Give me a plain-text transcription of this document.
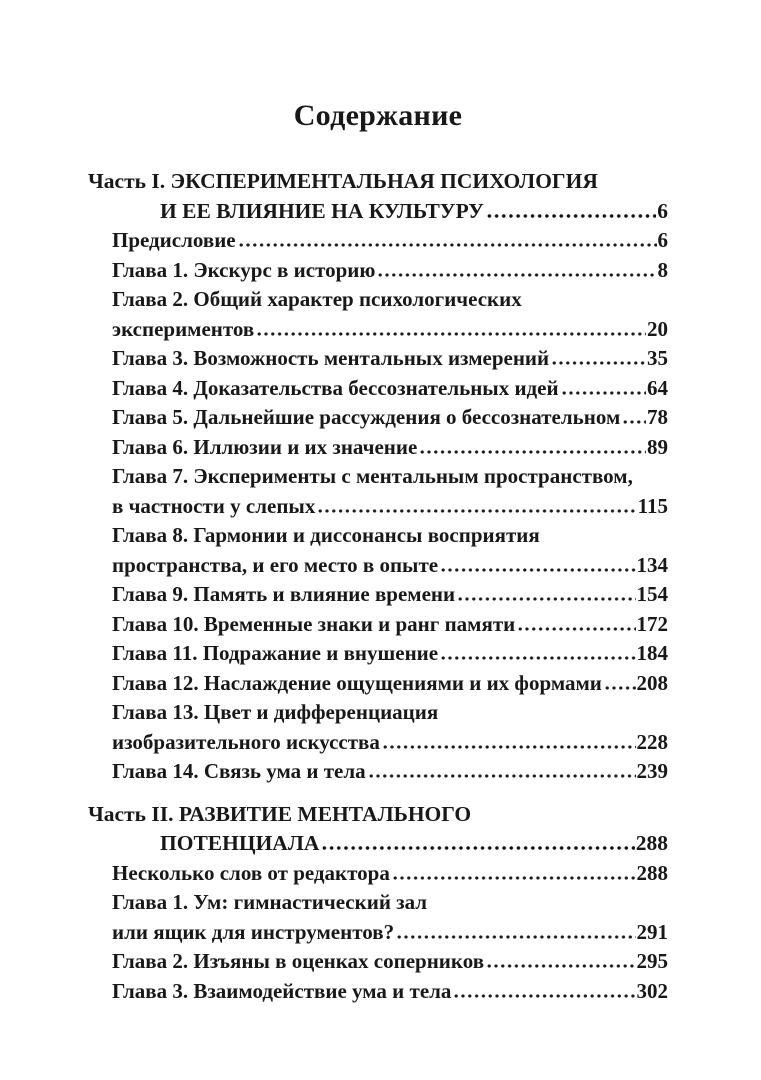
Содержание
Часть I. ЭКСПЕРИМЕНТАЛЬНАЯ ПСИХОЛОГИЯ
И ЕЕ ВЛИЯНИЕ НА КУЛЬТУРУ	6
Предисловие	6
Глава 1. Экскурс в историю	8
Глава 2. Общий характер психологических
экспериментов	20
Глава 3. Возможность ментальных измерений	35
Глава 4. Доказательства бессознательных идей	64
Глава 5. Дальнейшие рассуждения о бессознательном 78
Глава 6. Иллюзии и их значение	89
Глава 7. Эксперименты с ментальным пространством,
в частности у слепых	115
Глава 8. Гармонии и диссонансы восприятия
пространства, и его место в опыте	134
Глава 9. Память и влияние времени	154
Глава 10. Временные знаки и ранг памяти	172
Глава 11. Подражание и внушение	184
Глава 12. Наслаждение ощущениями и их формами 208
Глава 13. Цвет и дифференциация
изобразительного искусства	228
Глава 14. Связь ума и тела	239
Часть II. РАЗВИТИЕ МЕНТАЛЬНОГО
ПОТЕНЦИАЛА	288
Несколько слов от редактора	288
Глава 1. Ум: гимнастический зал
или ящик для инструментов?	291
Глава 2. Изъяны в оценках соперников	295
Глава 3. Взаимодействие ума и тела	302
